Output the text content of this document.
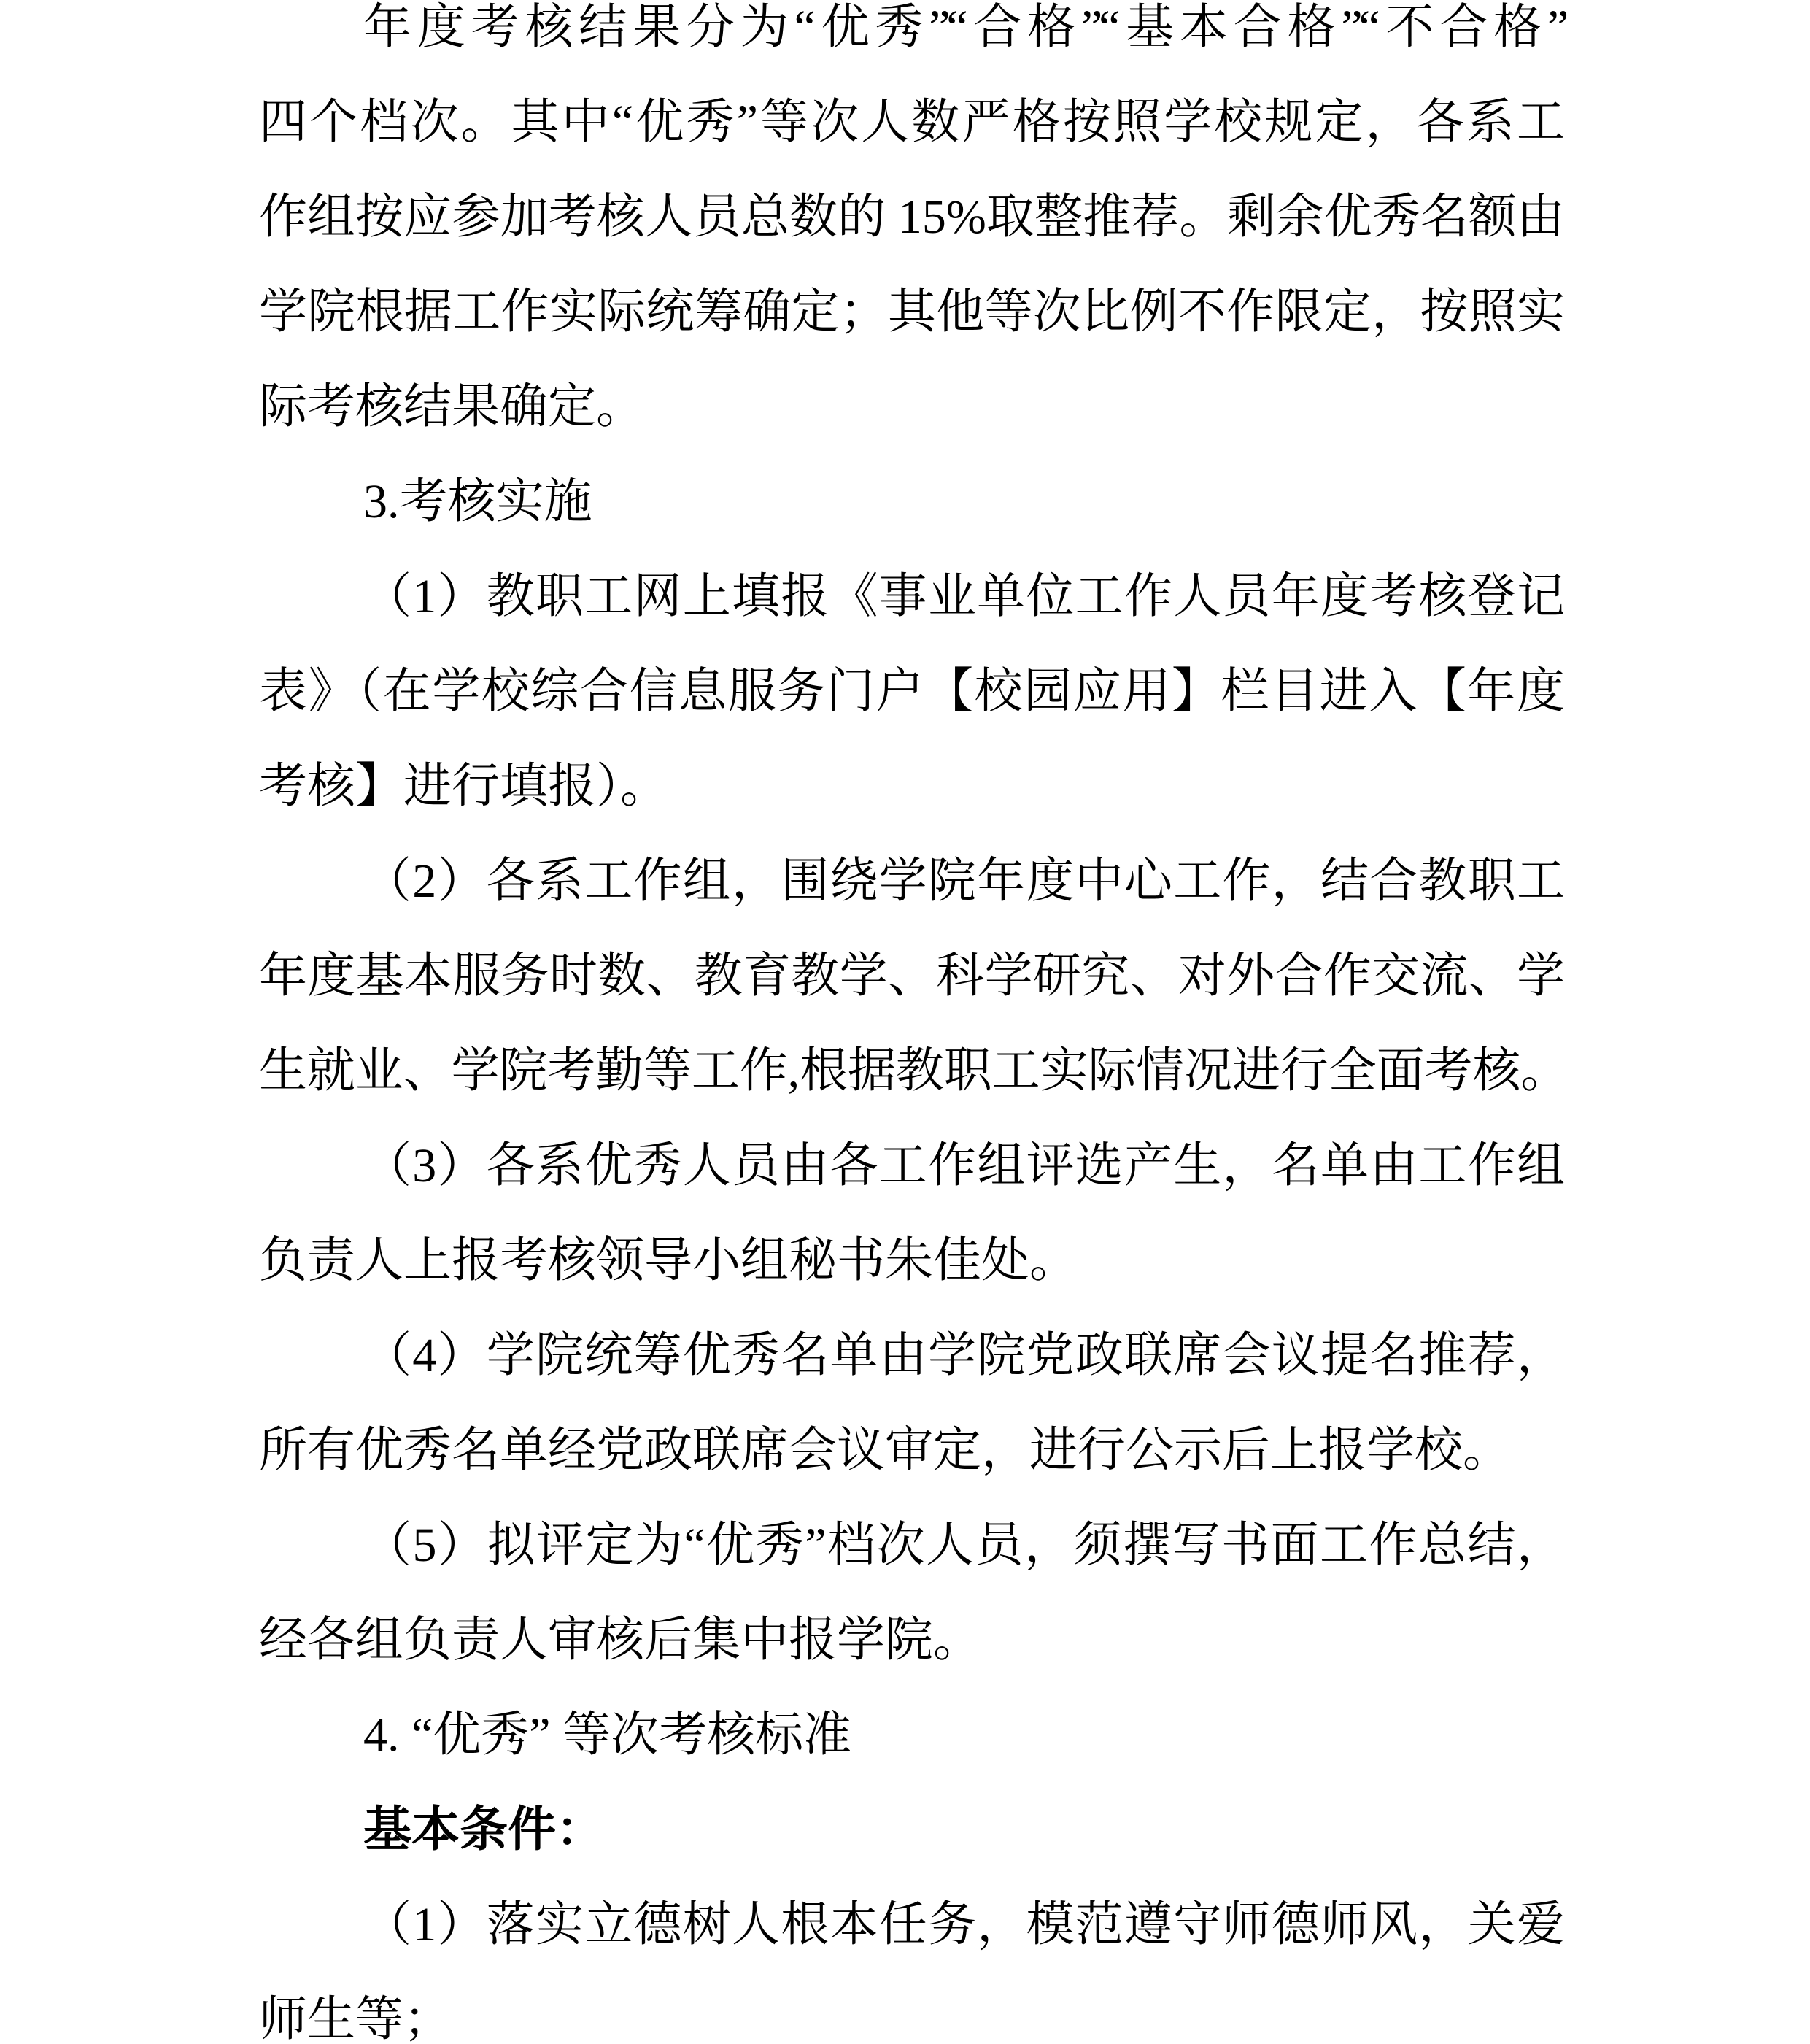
年度考核结果分为“优秀”“合格”“基本合格”“不合格”
四个档次。其中“优秀”等次人数严格按照学校规定，各系工
作组按应参加考核人员总数的 15%取整推荐。剩余优秀名额由
学院根据工作实际统筹确定；其他等次比例不作限定，按照实
际考核结果确定。
3.考核实施
（1）教职工网上填报《事业单位工作人员年度考核登记
表》（在学校综合信息服务门户【校园应用】栏目进入【年度
考核】进行填报）。
（2）各系工作组，围绕学院年度中心工作，结合教职工
年度基本服务时数、教育教学、科学研究、对外合作交流、学
生就业、学院考勤等工作,根据教职工实际情况进行全面考核。
（3）各系优秀人员由各工作组评选产生，名单由工作组
负责人上报考核领导小组秘书朱佳处。
（4）学院统筹优秀名单由学院党政联席会议提名推荐，
所有优秀名单经党政联席会议审定，进行公示后上报学校。
（5）拟评定为“优秀”档次人员，须撰写书面工作总结，
经各组负责人审核后集中报学院。
4. “优秀” 等次考核标准
基本条件：
（1）落实立德树人根本任务，模范遵守师德师风，关爱
师生等；
